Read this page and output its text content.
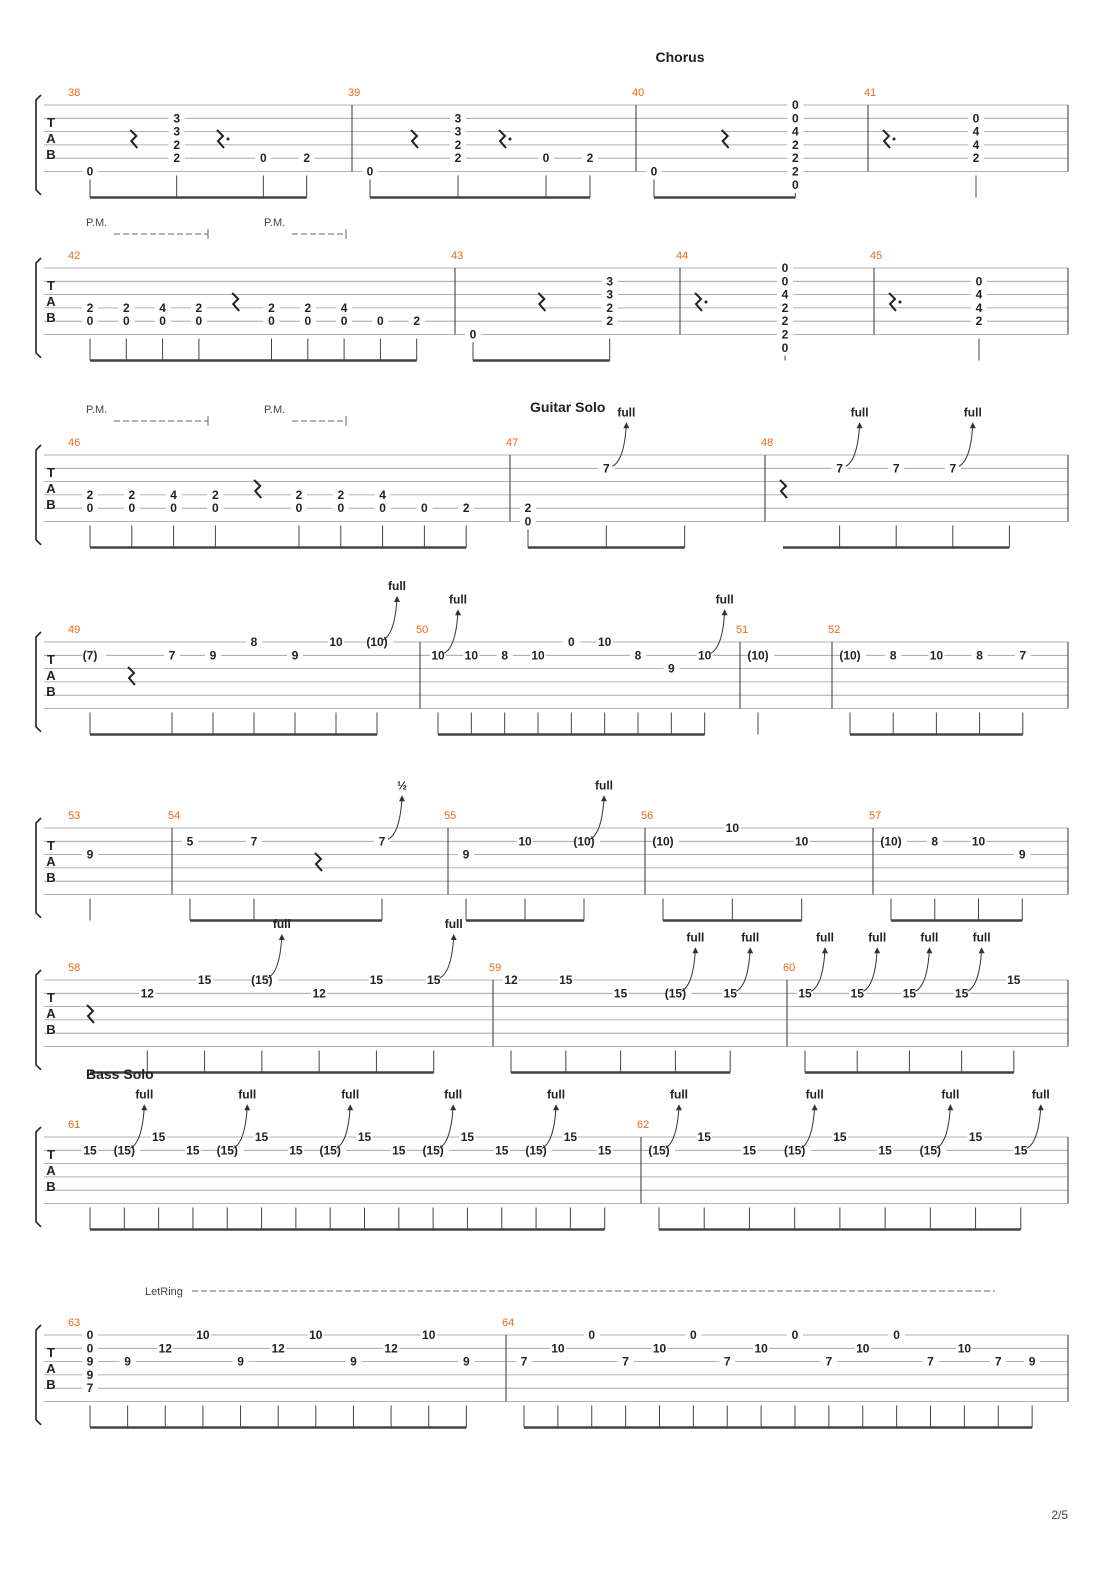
T
A
B
Chorus
38
0
3
3
2
2	0	2
39
0
3
3
2
2	0	2
40
0
0
0
4
2
2
2
0
41
0
4
4
2
T
A
B
P.M.	P.M.
42
2
0
2
0
4
0
2
0
2
0
2
0
4
0 0 2
43
0
3
3
2
2
44
0
0
4
2
2
2
0
45
0
4
4
2
T
A
B
Guitar Solo
P.M.	P.M.
46
2
0
2
0
4
0
2
0
2
0
2
0
4
0	0	2
47
2
0
7
full
48
7
full
7	7
full
T
A
B
49
(7)	7	9
8
9
10 (10)
full
50
10
full
10 8 10
0 10
8
9
10
full
51
(10)
52
(10) 8	10	8	7
T
A
B
53
9
54
5	7	7
½
55
9
10	(10)
full
56
(10)
10
10
57
(10) 8	10
9
T
A
B
58
12
15	(15)
full
12
15	15
full
59
12	15
15	(15)
full
15
full
60
15
full
15
full
15
full
15
full
15
T
A
B
Bass Solo
61
15 (15)
full
15
15 (15)
full
15
15 (15)
full
15
15 (15)
full
15
15 (15)
full
15
15
62
(15)
full
15
15 (15)
full
15
15 (15)
full
15
15
full
T
A
B
LetRing
63
0
0
9
9
7
9
12
10
9
12
10
9
12
10
9
64
7
10
0
7
10
0
7
10
0
7
10
0
7
10
7 9
2/5
